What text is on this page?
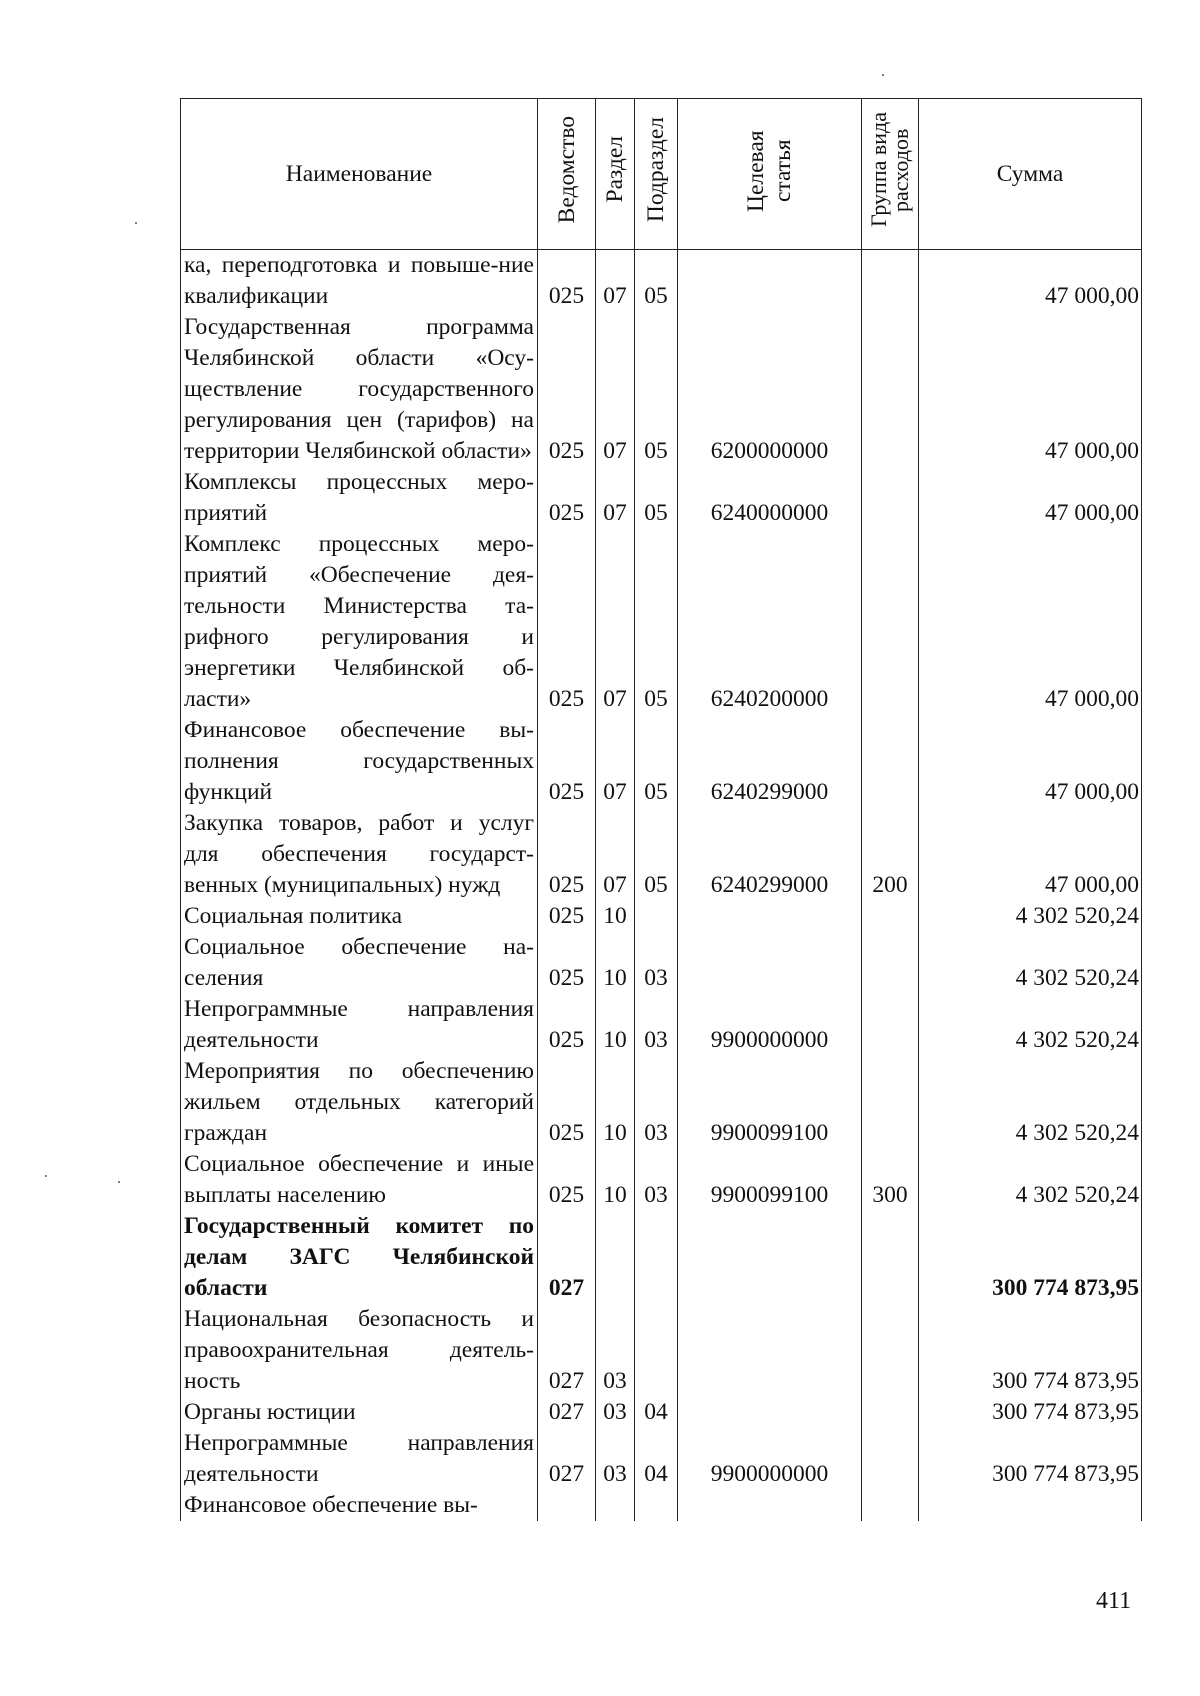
Наименование	Ведомство	Раздел	Подраздел	Целевая статья	Группа вида расходов	Сумма
ка, переподготовка и повыше-ние квалификации	025	07	05			47 000,00
Государственная программа Челябинской области «Осу-ществление государственного регулирования цен (тарифов) на территории Челябинской области»	025	07	05	6200000000		47 000,00
Комплексы процессных меро-приятий	025	07	05	6240000000		47 000,00
Комплекс процессных меро-приятий «Обеспечение дея-тельности Министерства та-рифного регулирования и энергетики Челябинской об-ласти»	025	07	05	6240200000		47 000,00
Финансовое обеспечение вы-полнения государственных функций	025	07	05	6240299000		47 000,00
Закупка товаров, работ и услуг для обеспечения государст-венных (муниципальных) нужд	025	07	05	6240299000	200	47 000,00
Социальная политика	025	10				4 302 520,24
Социальное обеспечение на-селения	025	10	03			4 302 520,24
Непрограммные направления деятельности	025	10	03	9900000000		4 302 520,24
Мероприятия по обеспечению жильем отдельных категорий граждан	025	10	03	9900099100		4 302 520,24
Социальное обеспечение и иные выплаты населению	025	10	03	9900099100	300	4 302 520,24
Государственный комитет по делам ЗАГС Челябинской области	027					300 774 873,95
Национальная безопасность и правоохранительная деятель-ность	027	03				300 774 873,95
Органы юстиции	027	03	04			300 774 873,95
Непрограммные направления деятельности	027	03	04	9900000000		300 774 873,95
Финансовое обеспечение вы-						
411
